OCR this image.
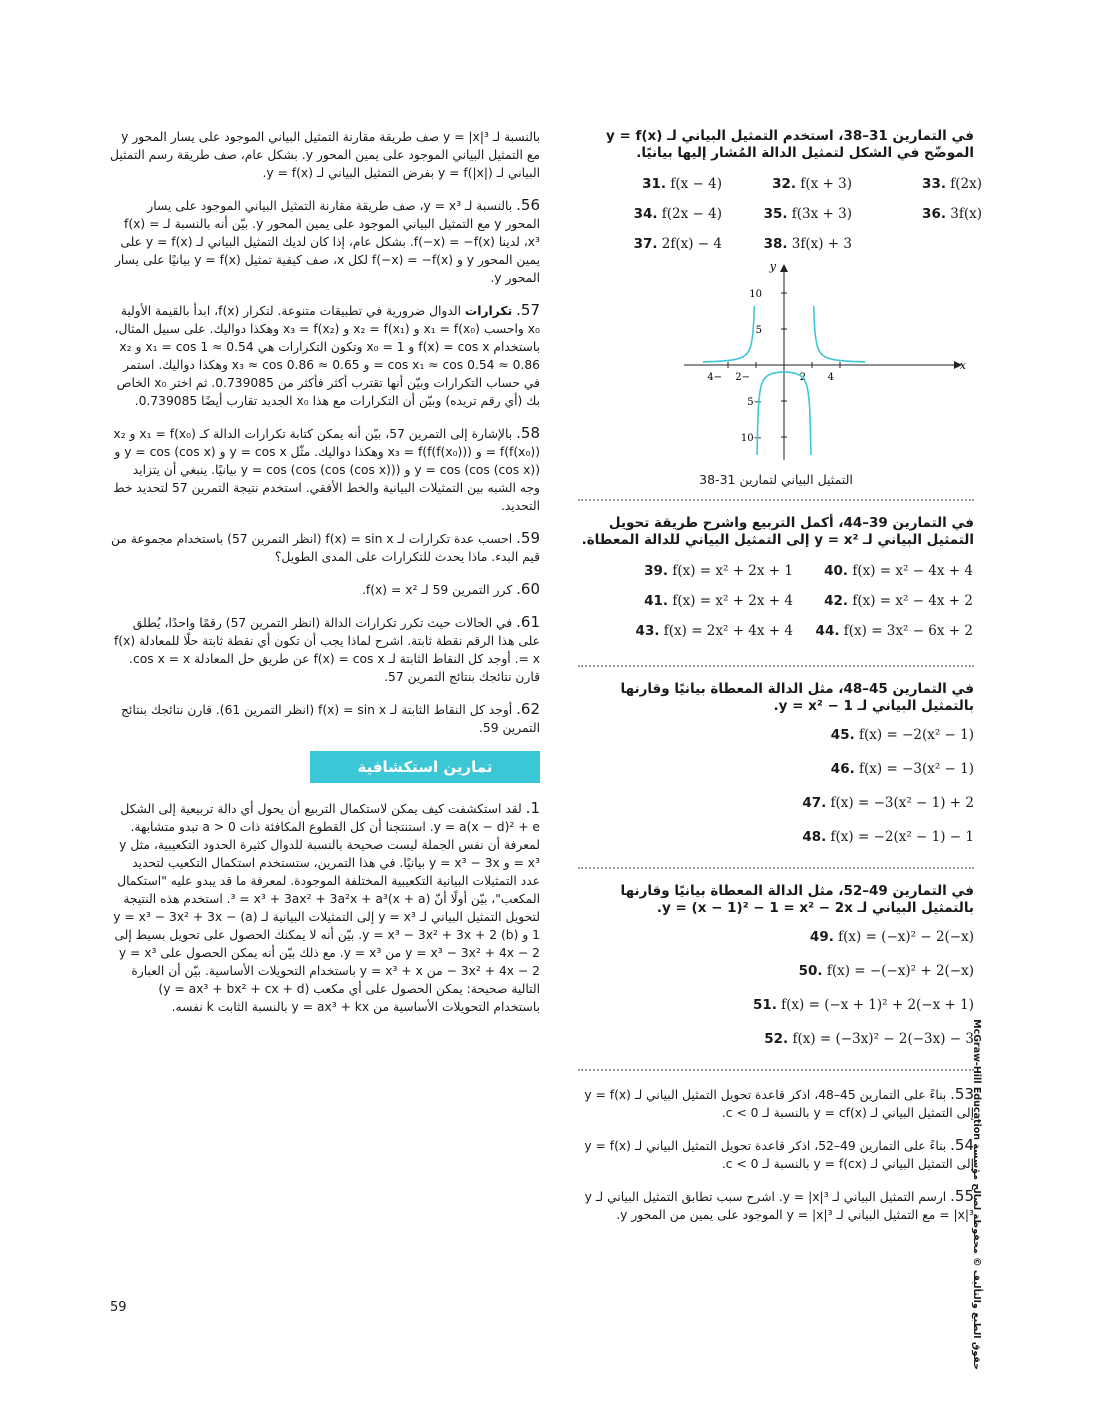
في التمارين 31–38، استخدم التمثيل البياني لـ y = f(x) الموضّح في الشكل لتمثيل الدالة المُشار إليها بيانيًا.

31. f(x − 4)	32. f(x + 3)	33. f(2x)
34. f(2x − 4)	35. f(3x + 3)	36. 3f(x)
37. 2f(x) − 4	38. 3f(x) + 3
y
x
−4 −2	2 4
10
5
−5
−10
التمثيل البياني لتمارين 31-38

في التمارين 39–44، أكمل التربيع واشرح طريقة تحويل التمثيل البياني لـ y = x² إلى التمثيل البياني للدالة المعطاة.

39. f(x) = x² + 2x + 1	40. f(x) = x² − 4x + 4
41. f(x) = x² + 2x + 4	42. f(x) = x² − 4x + 2
43. f(x) = 2x² + 4x + 4	44. f(x) = 3x² − 6x + 2

في التمارين 45–48، مثل الدالة المعطاة بيانيًا وقارنها بالتمثيل البياني لـ y = x² − 1.

45. f(x) = −2(x² − 1)
46. f(x) = −3(x² − 1)
47. f(x) = −3(x² − 1) + 2
48. f(x) = −2(x² − 1) − 1

في التمارين 49–52، مثل الدالة المعطاة بيانيًا وقارنها بالتمثيل البياني لـ y = (x − 1)² − 1 = x² − 2x.

49. f(x) = (−x)² − 2(−x)
50. f(x) = −(−x)² + 2(−x)
51. f(x) = (−x + 1)² + 2(−x + 1)
52. f(x) = (−3x)² − 2(−3x) − 3

53. بناءً على التمارين 45–48، اذكر قاعدة تحويل التمثيل البياني لـ y = f(x) إلى التمثيل البياني لـ y = cf(x) بالنسبة لـ c < 0.

54. بناءً على التمارين 49–52، اذكر قاعدة تحويل التمثيل البياني لـ y = f(x) إلى التمثيل البياني لـ y = f(cx) بالنسبة لـ c < 0.

55. ارسم التمثيل البياني لـ y = |x|³. اشرح سبب تطابق التمثيل البياني لـ y = |x|³ مع التمثيل البياني لـ y = |x|³ الموجود على يمين من المحور y.

بالنسبة لـ y = |x|³ صف طريقة مقارنة التمثيل البياني الموجود على يسار المحور y مع التمثيل البياني الموجود على يمين المحور y. بشكل عام، صف طريقة رسم التمثيل البياني لـ y = f(|x|) بفرض التمثيل البياني لـ y = f(x).

56. بالنسبة لـ y = x³، صف طريقة مقارنة التمثيل البياني الموجود على يسار المحور y مع التمثيل البياني الموجود على يمين المحور y. بيّن أنه بالنسبة لـ f(x) = x³، لدينا f(−x) = −f(x). بشكل عام، إذا كان لديك التمثيل البياني لـ y = f(x) على يمين المحور y و f(−x) = −f(x) لكل x، صف كيفية تمثيل y = f(x) بيانيًا على يسار المحور y.

57. تكرارات الدوال ضرورية في تطبيقات متنوعة. لتكرار f(x)، ابدأ بالقيمة الأولية x₀ واحسب x₁ = f(x₀) و x₂ = f(x₁) و x₃ = f(x₂) وهكذا دواليك. على سبيل المثال، باستخدام f(x) = cos x و x₀ = 1 وتكون التكرارات هي x₁ = cos 1 ≈ 0.54 و x₂ = cos x₁ ≈ cos 0.54 ≈ 0.86 و x₃ ≈ cos 0.86 ≈ 0.65 وهكذا دواليك. استمر في حساب التكرارات وبيّن أنها تقترب أكثر فأكثر من 0.739085. ثم اختر x₀ الخاص بك (أي رقم تريده) وبيّن أن التكرارات مع هذا x₀ الجديد تقارب أيضًا 0.739085.

58. بالإشارة إلى التمرين 57، بيّن أنه يمكن كتابة تكرارات الدالة كـ x₁ = f(x₀) و x₂ = f(f(x₀)) و x₃ = f(f(f(x₀))) وهكذا دواليك. مثّل y = cos x و y = cos (cos x) و y = cos (cos (cos x)) و y = cos (cos (cos (cos x))) بيانيًا. ينبغي أن يتزايد وجه الشبه بين التمثيلات البيانية والخط الأفقي. استخدم نتيجة التمرين 57 لتحديد خط التحديد.

59. احسب عدة تكرارات لـ f(x) = sin x (انظر التمرين 57) باستخدام مجموعة من قيم البدء. ماذا يحدث للتكرارات على المدى الطويل؟

60. كرر التمرين 59 لـ f(x) = x².

61. في الحالات حيث تكرر تكرارات الدالة (انظر التمرين 57) رقمًا واحدًا، يُطلق على هذا الرقم نقطة ثابتة. اشرح لماذا يجب أن تكون أي نقطة ثابتة حلًا للمعادلة f(x) = x. أوجد كل النقاط الثابتة لـ f(x) = cos x عن طريق حل المعادلة cos x = x. قارن نتائجك بنتائج التمرين 57.

62. أوجد كل النقاط الثابتة لـ f(x) = sin x (انظر التمرين 61). قارن نتائجك بنتائج التمرين 59.

تمارين استكشافية

1. لقد استكشفت كيف يمكن لاستكمال التربيع أن يحول أي دالة تربيعية إلى الشكل y = a(x − d)² + e. استنتجنا أن كل القطوع المكافئة ذات a > 0 تبدو متشابهة. لمعرفة أن نفس الجملة ليست صحيحة بالنسبة للدوال كثيرة الحدود التكعيبية، مثل y = x³ و y = x³ − 3x بيانيًا. في هذا التمرين، ستستخدم استكمال التكعيب لتحديد عدد التمثيلات البيانية التكعيبية المختلفة الموجودة. لمعرفة ما قد يبدو عليه "استكمال المكعب"، بيّن أولًا أنّ (x + a)³ = x³ + 3ax² + 3a²x + a³. استخدم هذه النتيجة لتحويل التمثيل البياني لـ y = x³ إلى التمثيلات البيانية لـ (a) y = x³ − 3x² + 3x − 1 و (b) y = x³ − 3x² + 3x + 2. بيّن أنه لا يمكنك الحصول على تحويل بسيط إلى y = x³ − 3x² + 4x − 2 من y = x³. مع ذلك بيّن أنه يمكن الحصول على y = x³ − 3x² + 4x − 2 من y = x³ + x باستخدام التحويلات الأساسية. بيّن أن العبارة التالية صحيحة: يمكن الحصول على أي مكعب (y = ax³ + bx² + cx + d) باستخدام التحويلات الأساسية من y = ax³ + kx بالنسبة الثابت k نفسه.

59
حقوق الطبع والتأليف © محفوظة لصالح مؤسسة McGraw-Hill Education
